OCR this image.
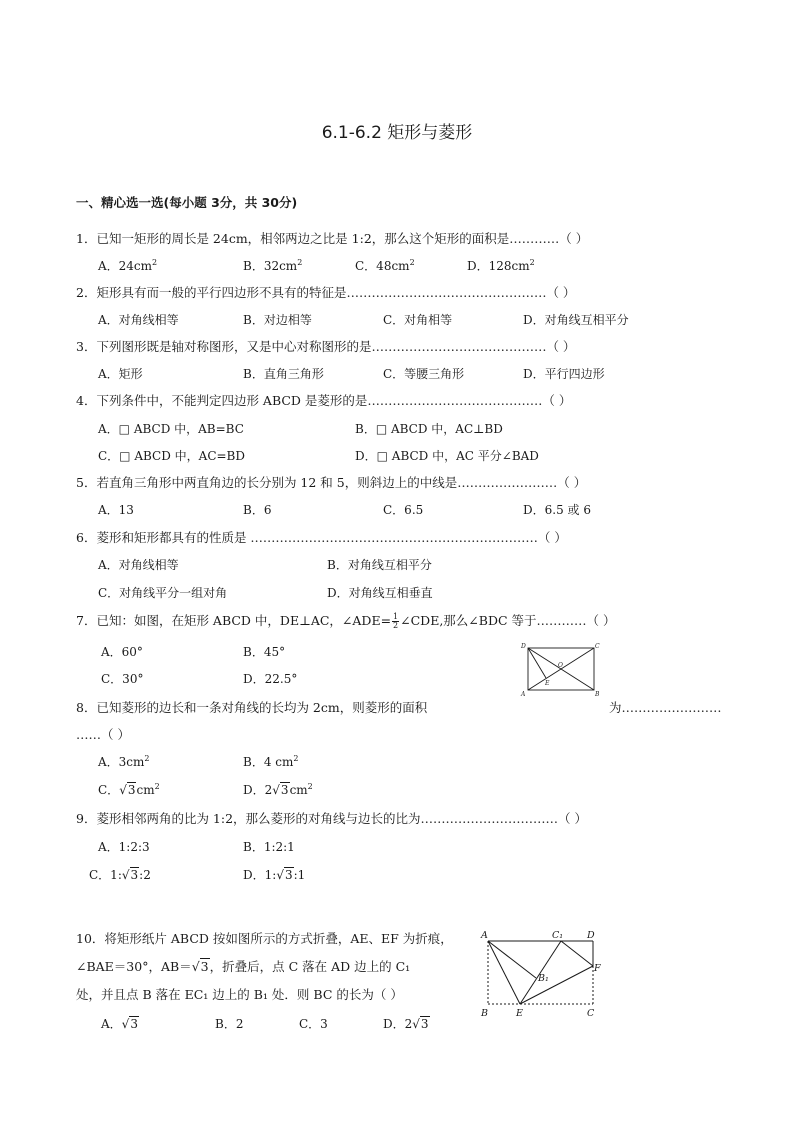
6.1-6.2 矩形与菱形
一、精心选一选(每小题 3分，共 30分)
1．已知一矩形的周长是 24cm，相邻两边之比是 1:2，那么这个矩形的面积是…………（ ）
A．$24cm^2$	B．$32cm^2$	C．$48cm^2$	D．$128cm^2$
2．矩形具有而一般的平行四边形不具有的特征是…………………………………………（ ）
A．对角线相等	B．对边相等	C．对角相等	D．对角线互相平分
3．下列图形既是轴对称图形，又是中心对称图形的是……………………………………（ ）
A．矩形	B．直角三角形	C．等腰三角形	D．平行四边形
4．下列条件中，不能判定四边形 ABCD 是菱形的是……………………………………（ ）
A．□ ABCD 中，AB=BC	B．□ ABCD 中，AC⊥BD
C．□ ABCD 中，AC=BD	D．□ ABCD 中，AC 平分∠BAD
5．若直角三角形中两直角边的长分别为 12 和 5，则斜边上的中线是……………………（ ）
A．13	B．6	C．6.5	D．6.5 或 6
6．菱形和矩形都具有的性质是 ……………………………………………………………（ ）
A．对角线相等	B．对角线互相平分
C．对角线平分一组对角	D．对角线互相垂直
7．已知：如图，在矩形 ABCD 中，DE⊥AC，∠ADE= $\frac{1}{2}$ ∠CDE,那么∠BDC 等于…………（ ）
A．60°	B．45°
C．30°	D．22.5°
D	C
A	B
E
O
8．已知菱形的边长和一条对角线的长均为 2cm，则菱形的面积	为……………………
……（ ）
A．$3cm^2$	B．4 $cm^2$
C．$√3cm^2$	D．$2√3cm^2$
9．菱形相邻两角的比为 1:2，那么菱形的对角线与边长的比为……………………………（ ）
A．1:2:3	B．1:2:1
C．1:√3:2	D．1:√3:1
10．将矩形纸片 ABCD 按如图所示的方式折叠，AE、EF 为折痕，
∠BAE＝30°，AB＝√3，折叠后，点 C 落在 AD 边上的 C₁
处，并且点 B 落在 EC₁ 边上的 B₁ 处．则 BC 的长为（ ）
A．√3	B．2	C．3	D．2√3
A	C₁	D
B₁
F
B	E	C
